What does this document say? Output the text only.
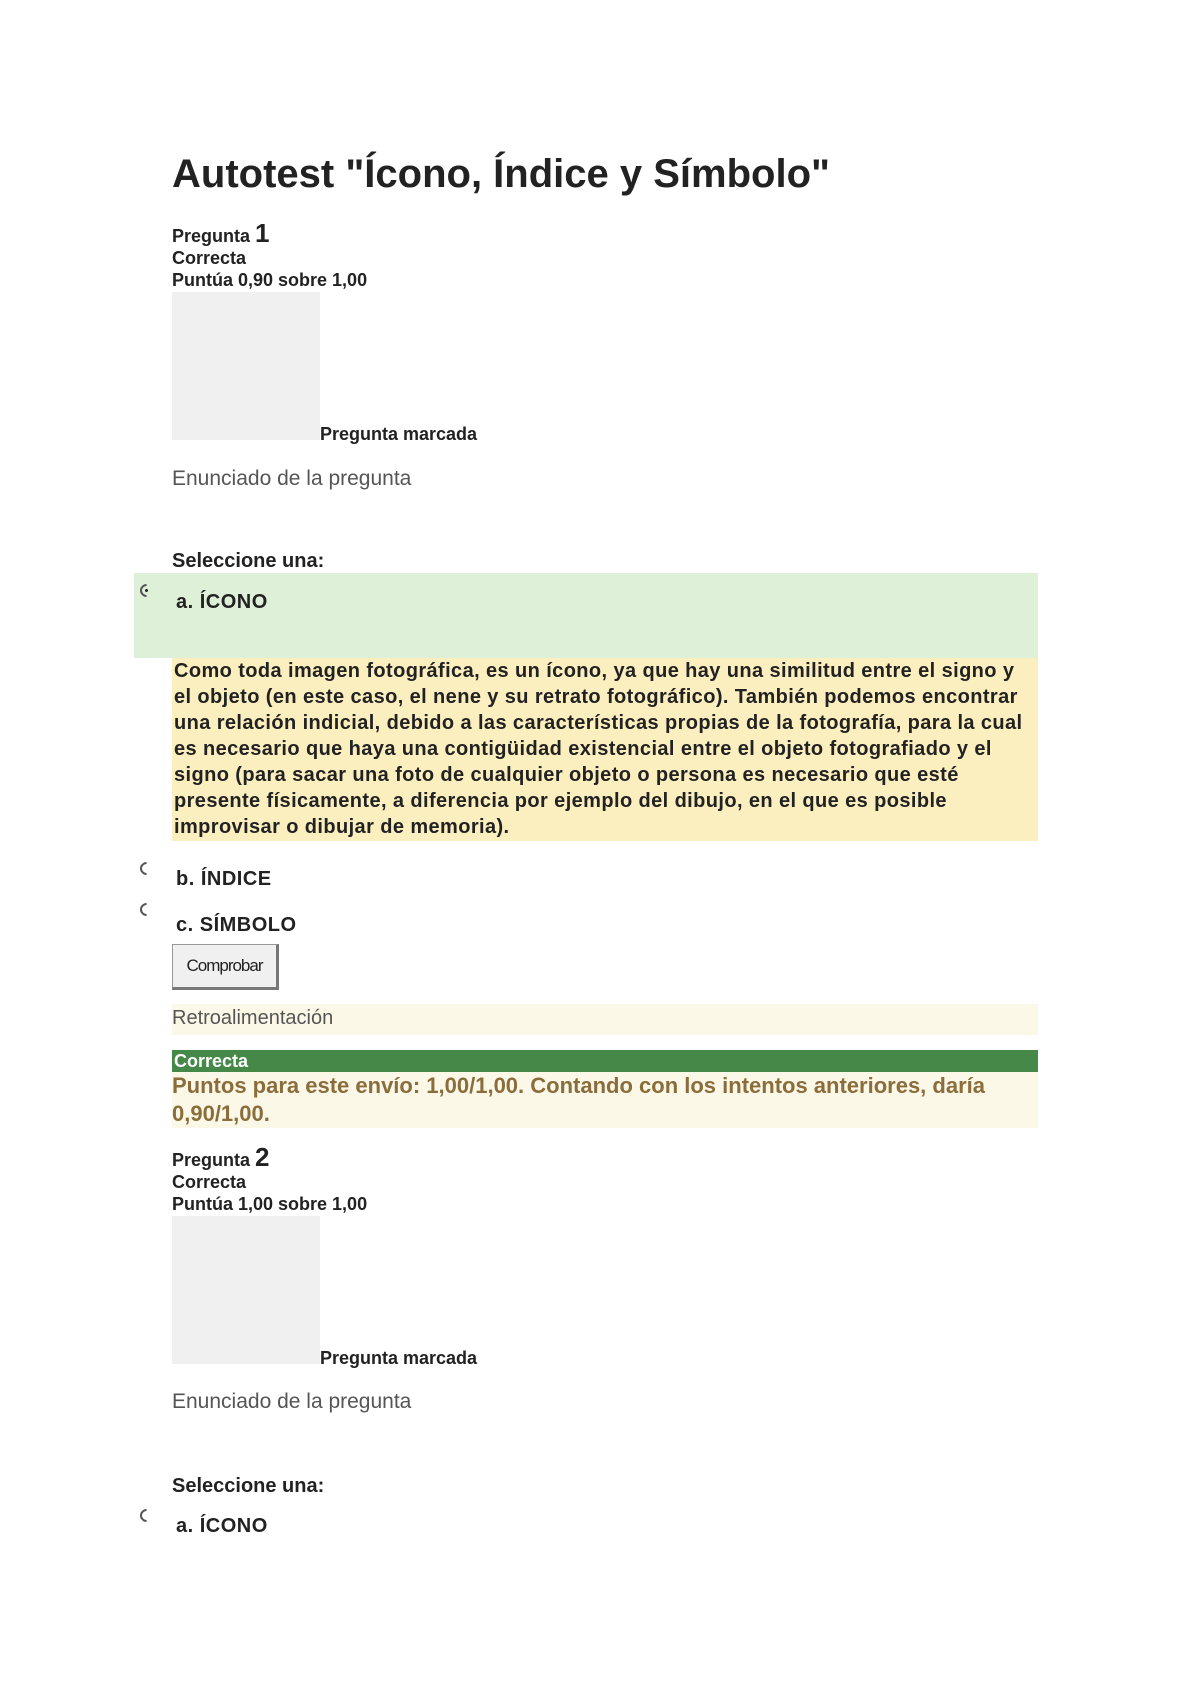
Autotest "Ícono, Índice y Símbolo"
Pregunta 1
Correcta
Puntúa 0,90 sobre 1,00
Pregunta marcada
Enunciado de la pregunta
Seleccione una:
a. ÍCONO
Como toda imagen fotográfica, es un ícono, ya que hay una similitud entre el signo y el objeto (en este caso, el nene y su retrato fotográfico). También podemos encontrar una relación indicial, debido a las características propias de la fotografía, para la cual es necesario que haya una contigüidad existencial entre el objeto fotografiado y el signo (para sacar una foto de cualquier objeto o persona es necesario que esté presente físicamente, a diferencia por ejemplo del dibujo, en el que es posible improvisar o dibujar de memoria).
b. ÍNDICE
c. SÍMBOLO
Comprobar
Retroalimentación
Correcta
Puntos para este envío: 1,00/1,00. Contando con los intentos anteriores, daría 0,90/1,00.
Pregunta 2
Correcta
Puntúa 1,00 sobre 1,00
Pregunta marcada
Enunciado de la pregunta
Seleccione una:
a. ÍCONO
